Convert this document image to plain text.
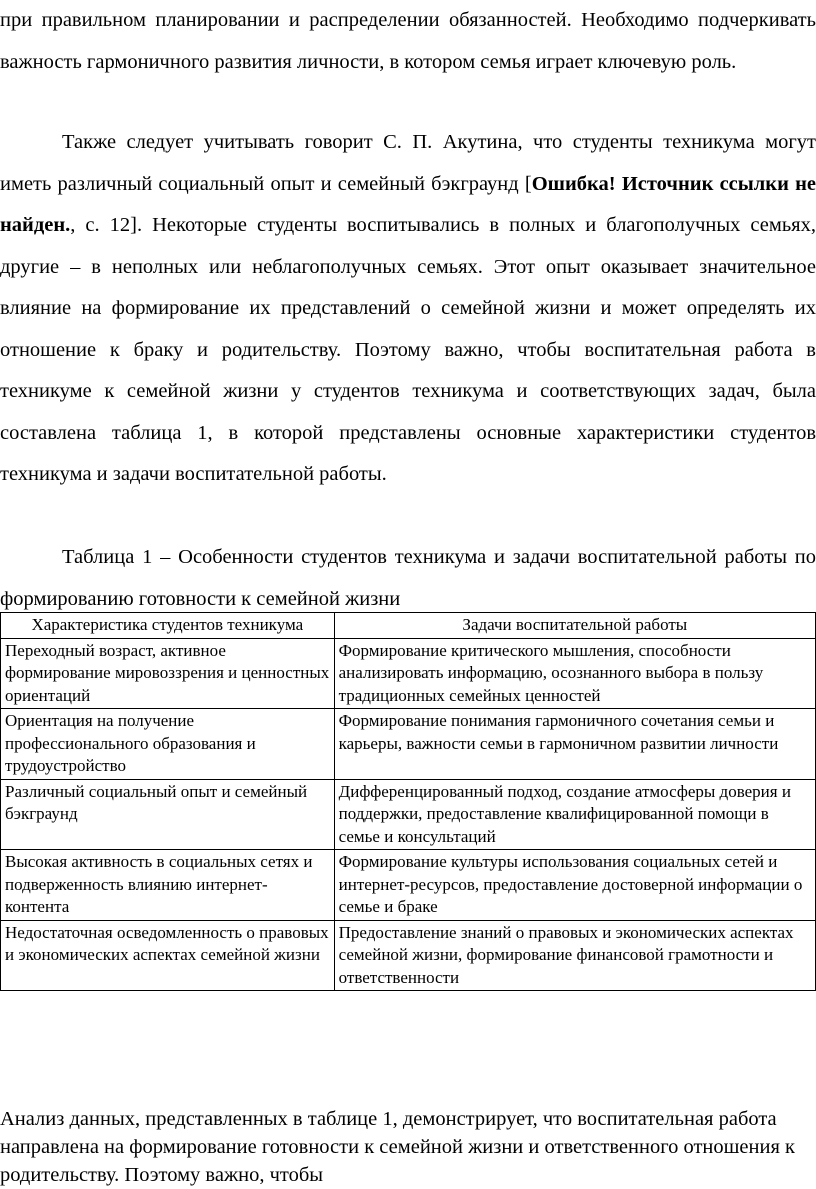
при правильном планировании и распределении обязанностей. Необходимо подчеркивать важность гармоничного развития личности, в котором семья играет ключевую роль.

Также следует учитывать говорит С. П. Акутина, что студенты техникума могут иметь различный социальный опыт и семейный бэкграунд [Ошибка! Источник ссылки не найден., с. 12]. Некоторые студенты воспитывались в полных и благополучных семьях, другие – в неполных или неблагополучных семьях. Этот опыт оказывает значительное влияние на формирование их представлений о семейной жизни и может определять их отношение к браку и родительству. Поэтому важно, чтобы воспитательная работа в техникуме к семейной жизни у студентов техникума и соответствующих задач, была составлена таблица 1, в которой представлены основные характеристики студентов техникума и задачи воспитательной работы.

Таблица 1 – Особенности студентов техникума и задачи воспитательной работы по формированию готовности к семейной жизни

Характеристика студентов техникума	Задачи воспитательной работы
Переходный возраст, активное формирование мировоззрения и ценностных ориентаций	Формирование критического мышления, способности анализировать информацию, осознанного выбора в пользу традиционных семейных ценностей
Ориентация на получение профессионального образования и трудоустройство	Формирование понимания гармоничного сочетания семьи и карьеры, важности семьи в гармоничном развитии личности
Различный социальный опыт и семейный бэкграунд	Дифференцированный подход, создание атмосферы доверия и поддержки, предоставление квалифицированной помощи в семье и консультаций
Высокая активность в социальных сетях и подверженность влиянию интернет-контента	Формирование культуры использования социальных сетей и интернет-ресурсов, предоставление достоверной информации о семье и браке
Недостаточная осведомленность о правовых и экономических аспектах семейной жизни	Предоставление знаний о правовых и экономических аспектах семейной жизни, формирование финансовой грамотности и ответственности

Анализ данных, представленных в таблице 1, демонстрирует, что воспитательная работа направлена на формирование готовности к семейной жизни и ответственного отношения к родительству. Поэтому важно, чтобы
